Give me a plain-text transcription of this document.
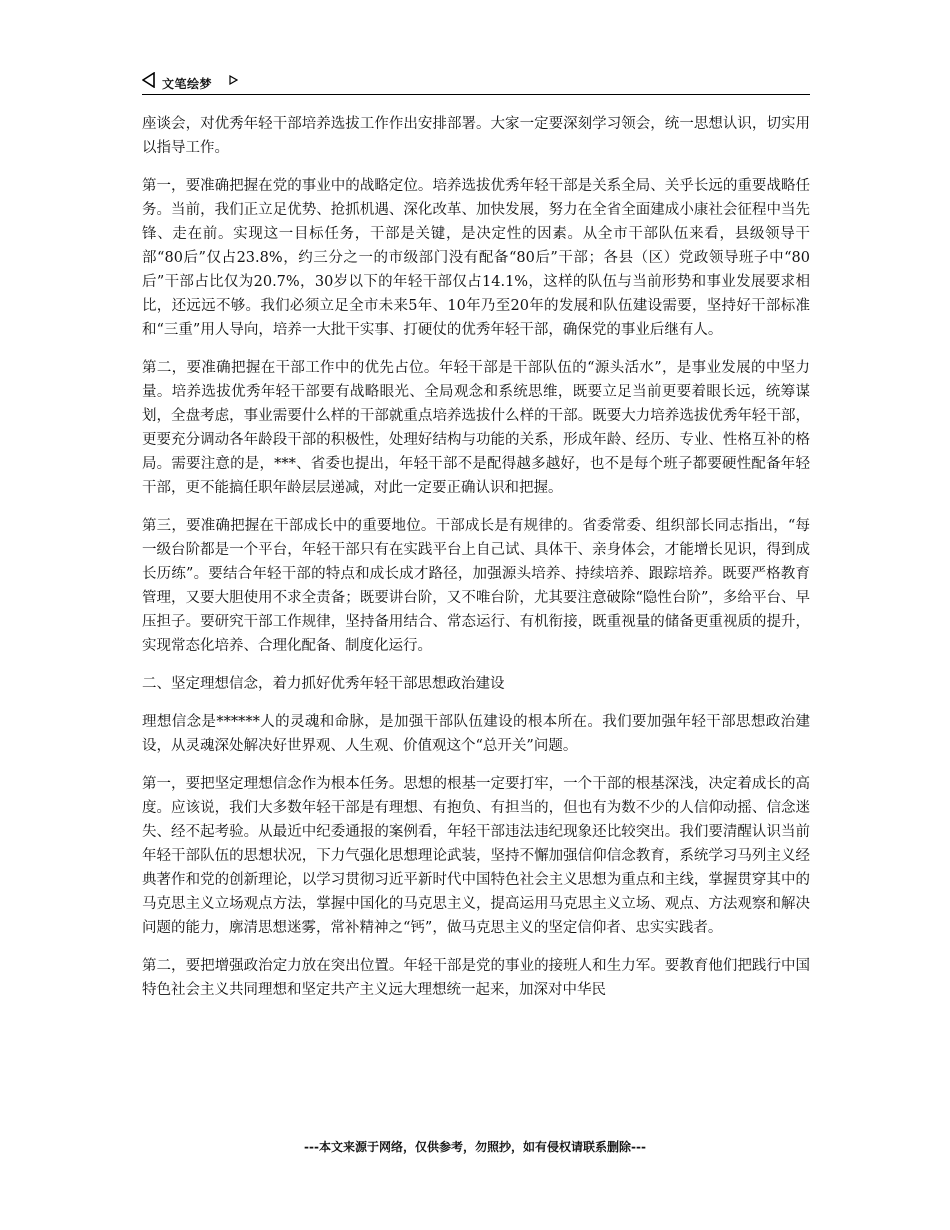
文笔绘梦

座谈会，对优秀年轻干部培养选拔工作作出安排部署。大家一定要深刻学习领会，统一思想认识，切实用以指导工作。

第一，要准确把握在党的事业中的战略定位。培养选拔优秀年轻干部是关系全局、关乎长远的重要战略任务。当前，我们正立足优势、抢抓机遇、深化改革、加快发展，努力在全省全面建成小康社会征程中当先锋、走在前。实现这一目标任务，干部是关键，是决定性的因素。从全市干部队伍来看，县级领导干部“80后”仅占23.8%，约三分之一的市级部门没有配备“80后”干部；各县（区）党政领导班子中“80后”干部占比仅为20.7%，30岁以下的年轻干部仅占14.1%，这样的队伍与当前形势和事业发展要求相比，还远远不够。我们必须立足全市未来5年、10年乃至20年的发展和队伍建设需要，坚持好干部标准和“三重”用人导向，培养一大批干实事、打硬仗的优秀年轻干部，确保党的事业后继有人。

第二，要准确把握在干部工作中的优先占位。年轻干部是干部队伍的“源头活水”，是事业发展的中坚力量。培养选拔优秀年轻干部要有战略眼光、全局观念和系统思维，既要立足当前更要着眼长远，统筹谋划，全盘考虑，事业需要什么样的干部就重点培养选拔什么样的干部。既要大力培养选拔优秀年轻干部，更要充分调动各年龄段干部的积极性，处理好结构与功能的关系，形成年龄、经历、专业、性格互补的格局。需要注意的是，***、省委也提出，年轻干部不是配得越多越好，也不是每个班子都要硬性配备年轻干部，更不能搞任职年龄层层递减，对此一定要正确认识和把握。

第三，要准确把握在干部成长中的重要地位。干部成长是有规律的。省委常委、组织部长同志指出，“每一级台阶都是一个平台，年轻干部只有在实践平台上自己试、具体干、亲身体会，才能增长见识，得到成长历练”。要结合年轻干部的特点和成长成才路径，加强源头培养、持续培养、跟踪培养。既要严格教育管理，又要大胆使用不求全责备；既要讲台阶，又不唯台阶，尤其要注意破除“隐性台阶”，多给平台、早压担子。要研究干部工作规律，坚持备用结合、常态运行、有机衔接，既重视量的储备更重视质的提升，实现常态化培养、合理化配备、制度化运行。

二、坚定理想信念，着力抓好优秀年轻干部思想政治建设

理想信念是******人的灵魂和命脉，是加强干部队伍建设的根本所在。我们要加强年轻干部思想政治建设，从灵魂深处解决好世界观、人生观、价值观这个“总开关”问题。

第一，要把坚定理想信念作为根本任务。思想的根基一定要打牢，一个干部的根基深浅，决定着成长的高度。应该说，我们大多数年轻干部是有理想、有抱负、有担当的，但也有为数不少的人信仰动摇、信念迷失、经不起考验。从最近中纪委通报的案例看，年轻干部违法违纪现象还比较突出。我们要清醒认识当前年轻干部队伍的思想状况，下力气强化思想理论武装，坚持不懈加强信仰信念教育，系统学习马列主义经典著作和党的创新理论，以学习贯彻习近平新时代中国特色社会主义思想为重点和主线，掌握贯穿其中的马克思主义立场观点方法，掌握中国化的马克思主义，提高运用马克思主义立场、观点、方法观察和解决问题的能力，廓清思想迷雾，常补精神之“钙”，做马克思主义的坚定信仰者、忠实实践者。

第二，要把增强政治定力放在突出位置。年轻干部是党的事业的接班人和生力军。要教育他们把践行中国特色社会主义共同理想和坚定共产主义远大理想统一起来，加深对中华民

---本文来源于网络，仅供参考，勿照抄，如有侵权请联系删除---
